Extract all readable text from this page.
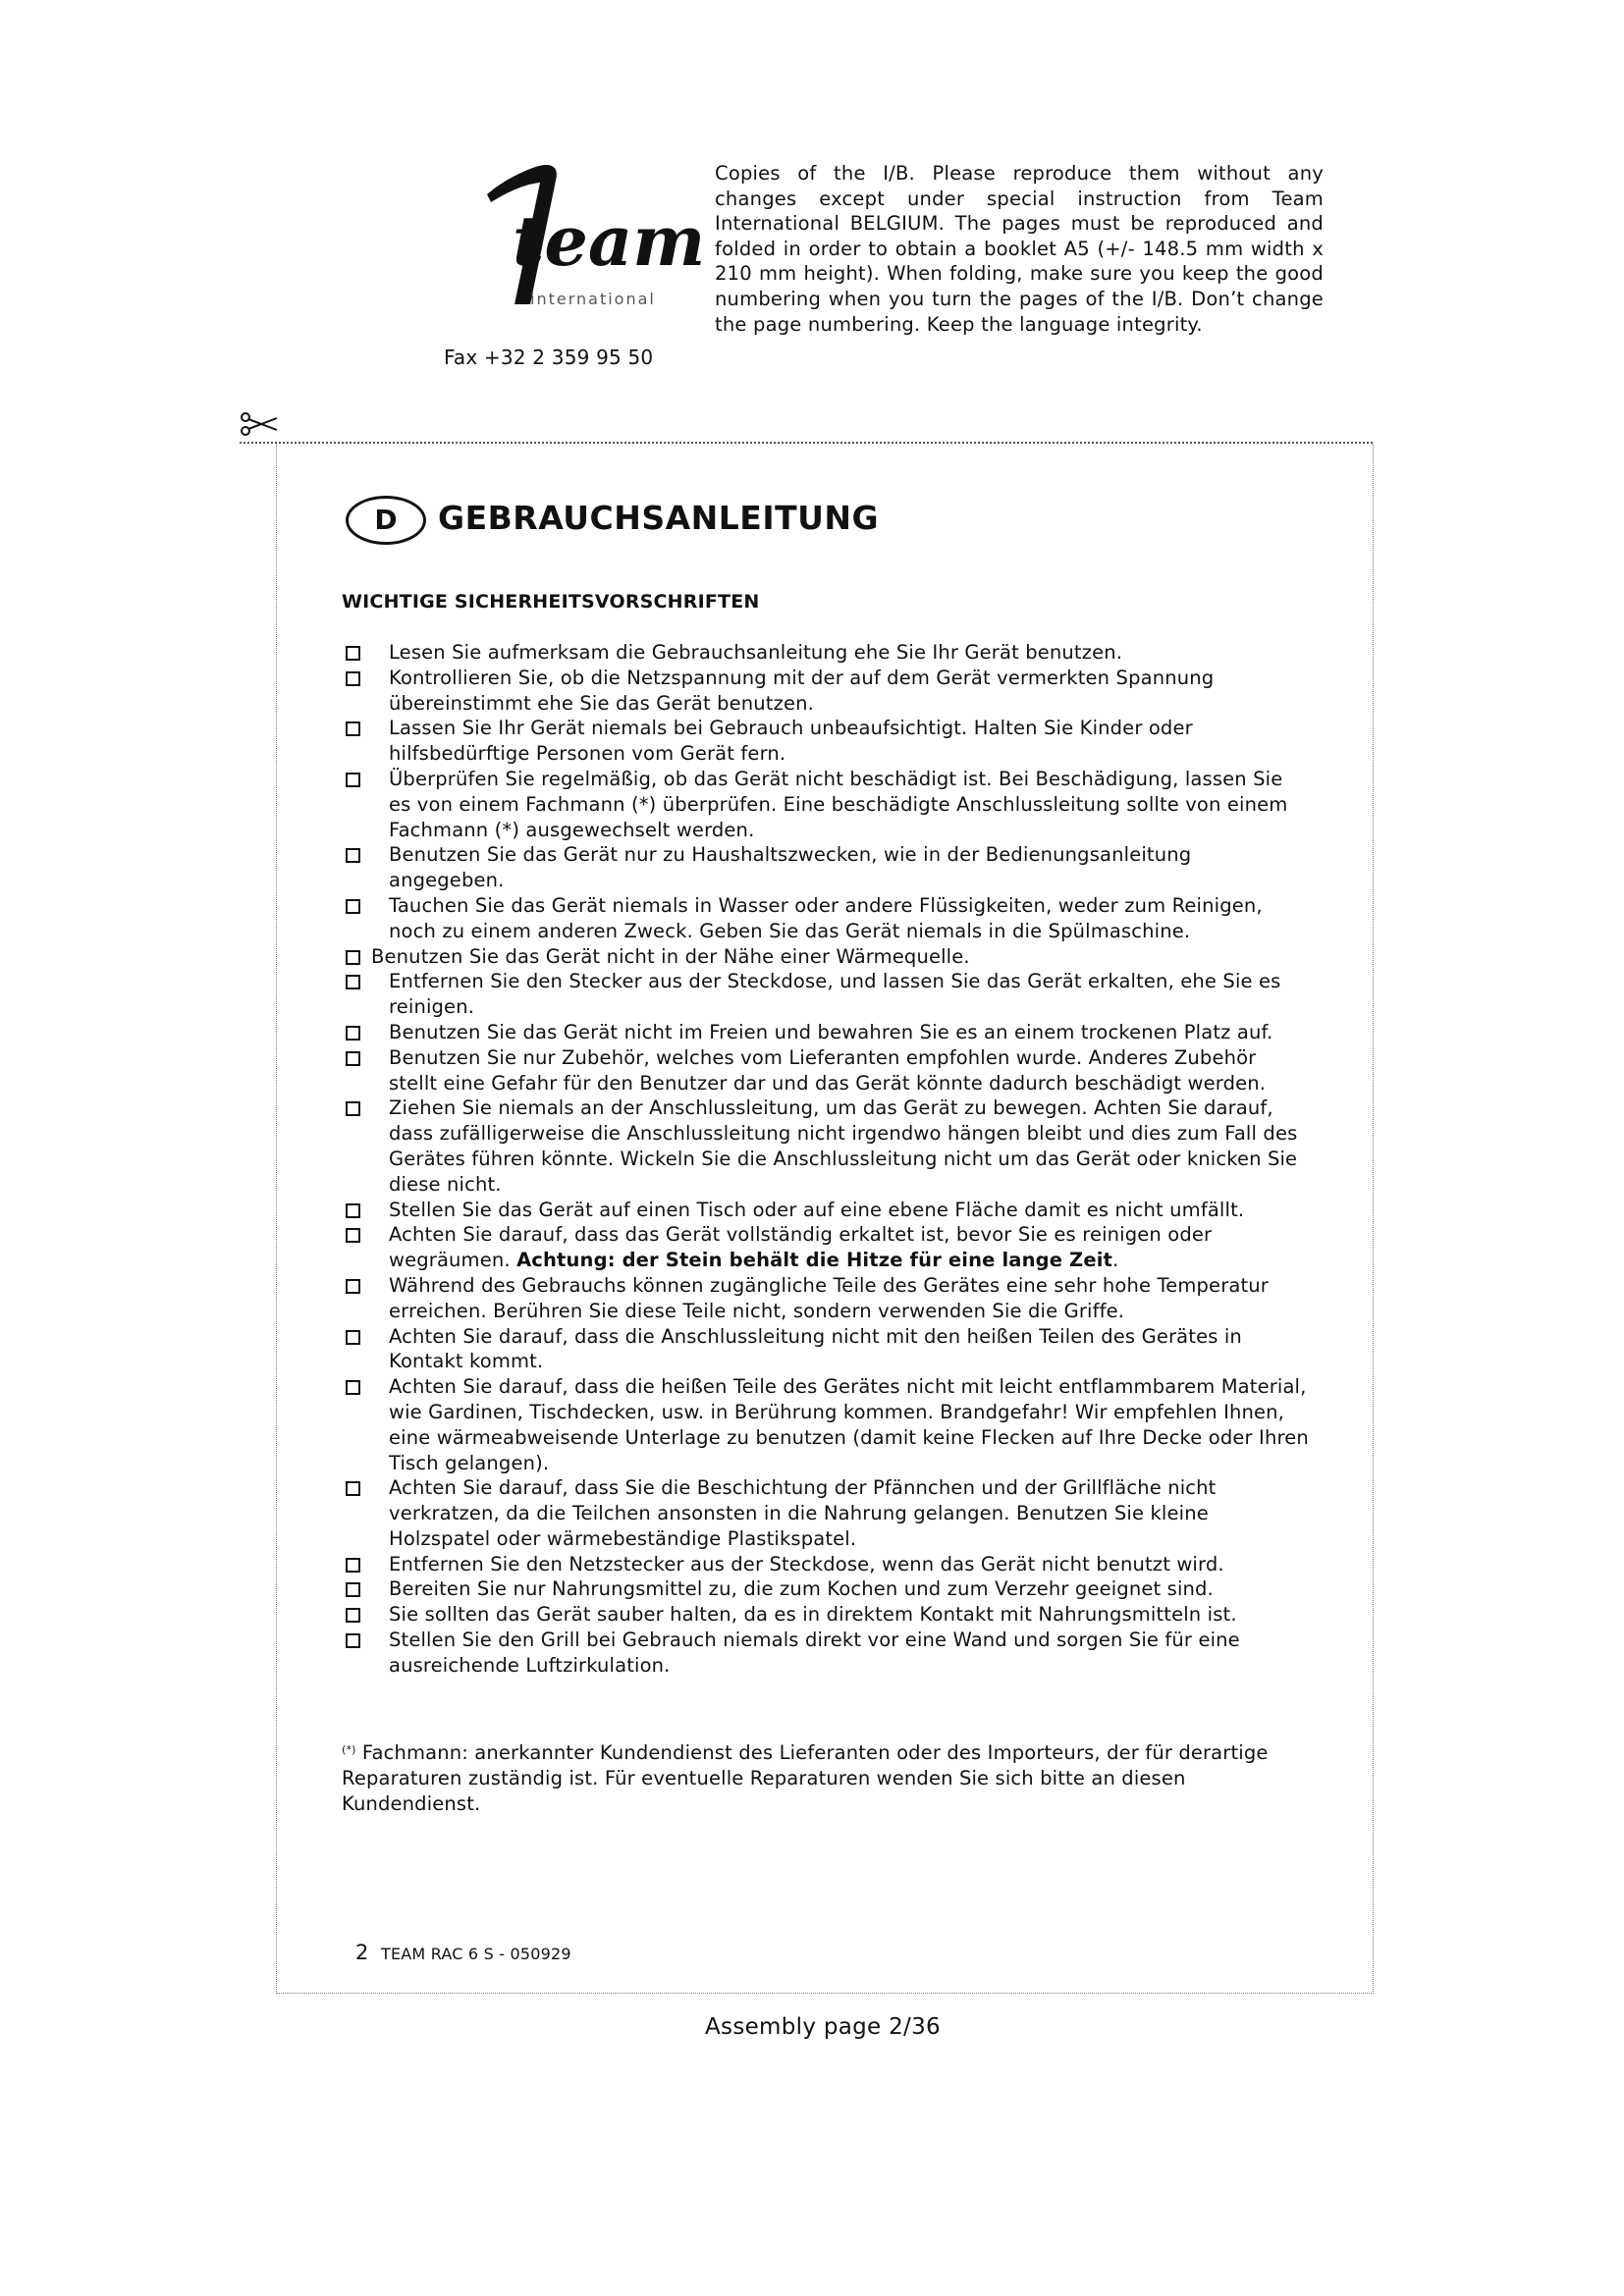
team
international
Fax +32 2 359 95 50
Copies of the I/B. Please reproduce them without any changes except under special instruction from Team International BELGIUM. The pages must be reproduced and folded in order to obtain a booklet A5 (+/- 148.5 mm width x 210 mm height). When folding, make sure you keep the good numbering when you turn the pages of the I/B. Don’t change the page numbering. Keep the language integrity.
D	GEBRAUCHSANLEITUNG
WICHTIGE SICHERHEITSVORSCHRIFTEN
Lesen Sie aufmerksam die Gebrauchsanleitung ehe Sie Ihr Gerät benutzen.
Kontrollieren Sie, ob die Netzspannung mit der auf dem Gerät vermerkten Spannung übereinstimmt ehe Sie das Gerät benutzen.
Lassen Sie Ihr Gerät niemals bei Gebrauch unbeaufsichtigt. Halten Sie Kinder oder hilfsbedürftige Personen vom Gerät fern.
Überprüfen Sie regelmäßig, ob das Gerät nicht beschädigt ist. Bei Beschädigung, lassen Sie es von einem Fachmann (*) überprüfen. Eine beschädigte Anschlussleitung sollte von einem Fachmann (*) ausgewechselt werden.
Benutzen Sie das Gerät nur zu Haushaltszwecken, wie in der Bedienungsanleitung angegeben.
Tauchen Sie das Gerät niemals in Wasser oder andere Flüssigkeiten, weder zum Reinigen, noch zu einem anderen Zweck. Geben Sie das Gerät niemals in die Spülmaschine.
Benutzen Sie das Gerät nicht in der Nähe einer Wärmequelle.
Entfernen Sie den Stecker aus der Steckdose, und lassen Sie das Gerät erkalten, ehe Sie es reinigen.
Benutzen Sie das Gerät nicht im Freien und bewahren Sie es an einem trockenen Platz auf.
Benutzen Sie nur Zubehör, welches vom Lieferanten empfohlen wurde. Anderes Zubehör stellt eine Gefahr für den Benutzer dar und das Gerät könnte dadurch beschädigt werden.
Ziehen Sie niemals an der Anschlussleitung, um das Gerät zu bewegen. Achten Sie darauf, dass zufälligerweise die Anschlussleitung nicht irgendwo hängen bleibt und dies zum Fall des Gerätes führen könnte. Wickeln Sie die Anschlussleitung nicht um das Gerät oder knicken Sie diese nicht.
Stellen Sie das Gerät auf einen Tisch oder auf eine ebene Fläche damit es nicht umfällt.
Achten Sie darauf, dass das Gerät vollständig erkaltet ist, bevor Sie es reinigen oder wegräumen. Achtung: der Stein behält die Hitze für eine lange Zeit.
Während des Gebrauchs können zugängliche Teile des Gerätes eine sehr hohe Temperatur erreichen. Berühren Sie diese Teile nicht, sondern verwenden Sie die Griffe.
Achten Sie darauf, dass die Anschlussleitung nicht mit den heißen Teilen des Gerätes in Kontakt kommt.
Achten Sie darauf, dass die heißen Teile des Gerätes nicht mit leicht entflammbarem Material, wie Gardinen, Tischdecken, usw. in Berührung kommen. Brandgefahr! Wir empfehlen Ihnen, eine wärmeabweisende Unterlage zu benutzen (damit keine Flecken auf Ihre Decke oder Ihren Tisch gelangen).
Achten Sie darauf, dass Sie die Beschichtung der Pfännchen und der Grillfläche nicht verkratzen, da die Teilchen ansonsten in die Nahrung gelangen. Benutzen Sie kleine Holzspatel oder wärmebeständige Plastikspatel.
Entfernen Sie den Netzstecker aus der Steckdose, wenn das Gerät nicht benutzt wird.
Bereiten Sie nur Nahrungsmittel zu, die zum Kochen und zum Verzehr geeignet sind.
Sie sollten das Gerät sauber halten, da es in direktem Kontakt mit Nahrungsmitteln ist.
Stellen Sie den Grill bei Gebrauch niemals direkt vor eine Wand und sorgen Sie für eine ausreichende Luftzirkulation.
(*) Fachmann: anerkannter Kundendienst des Lieferanten oder des Importeurs, der für derartige Reparaturen zuständig ist. Für eventuelle Reparaturen wenden Sie sich bitte an diesen Kundendienst.
2 TEAM RAC 6 S - 050929
Assembly page 2/36
